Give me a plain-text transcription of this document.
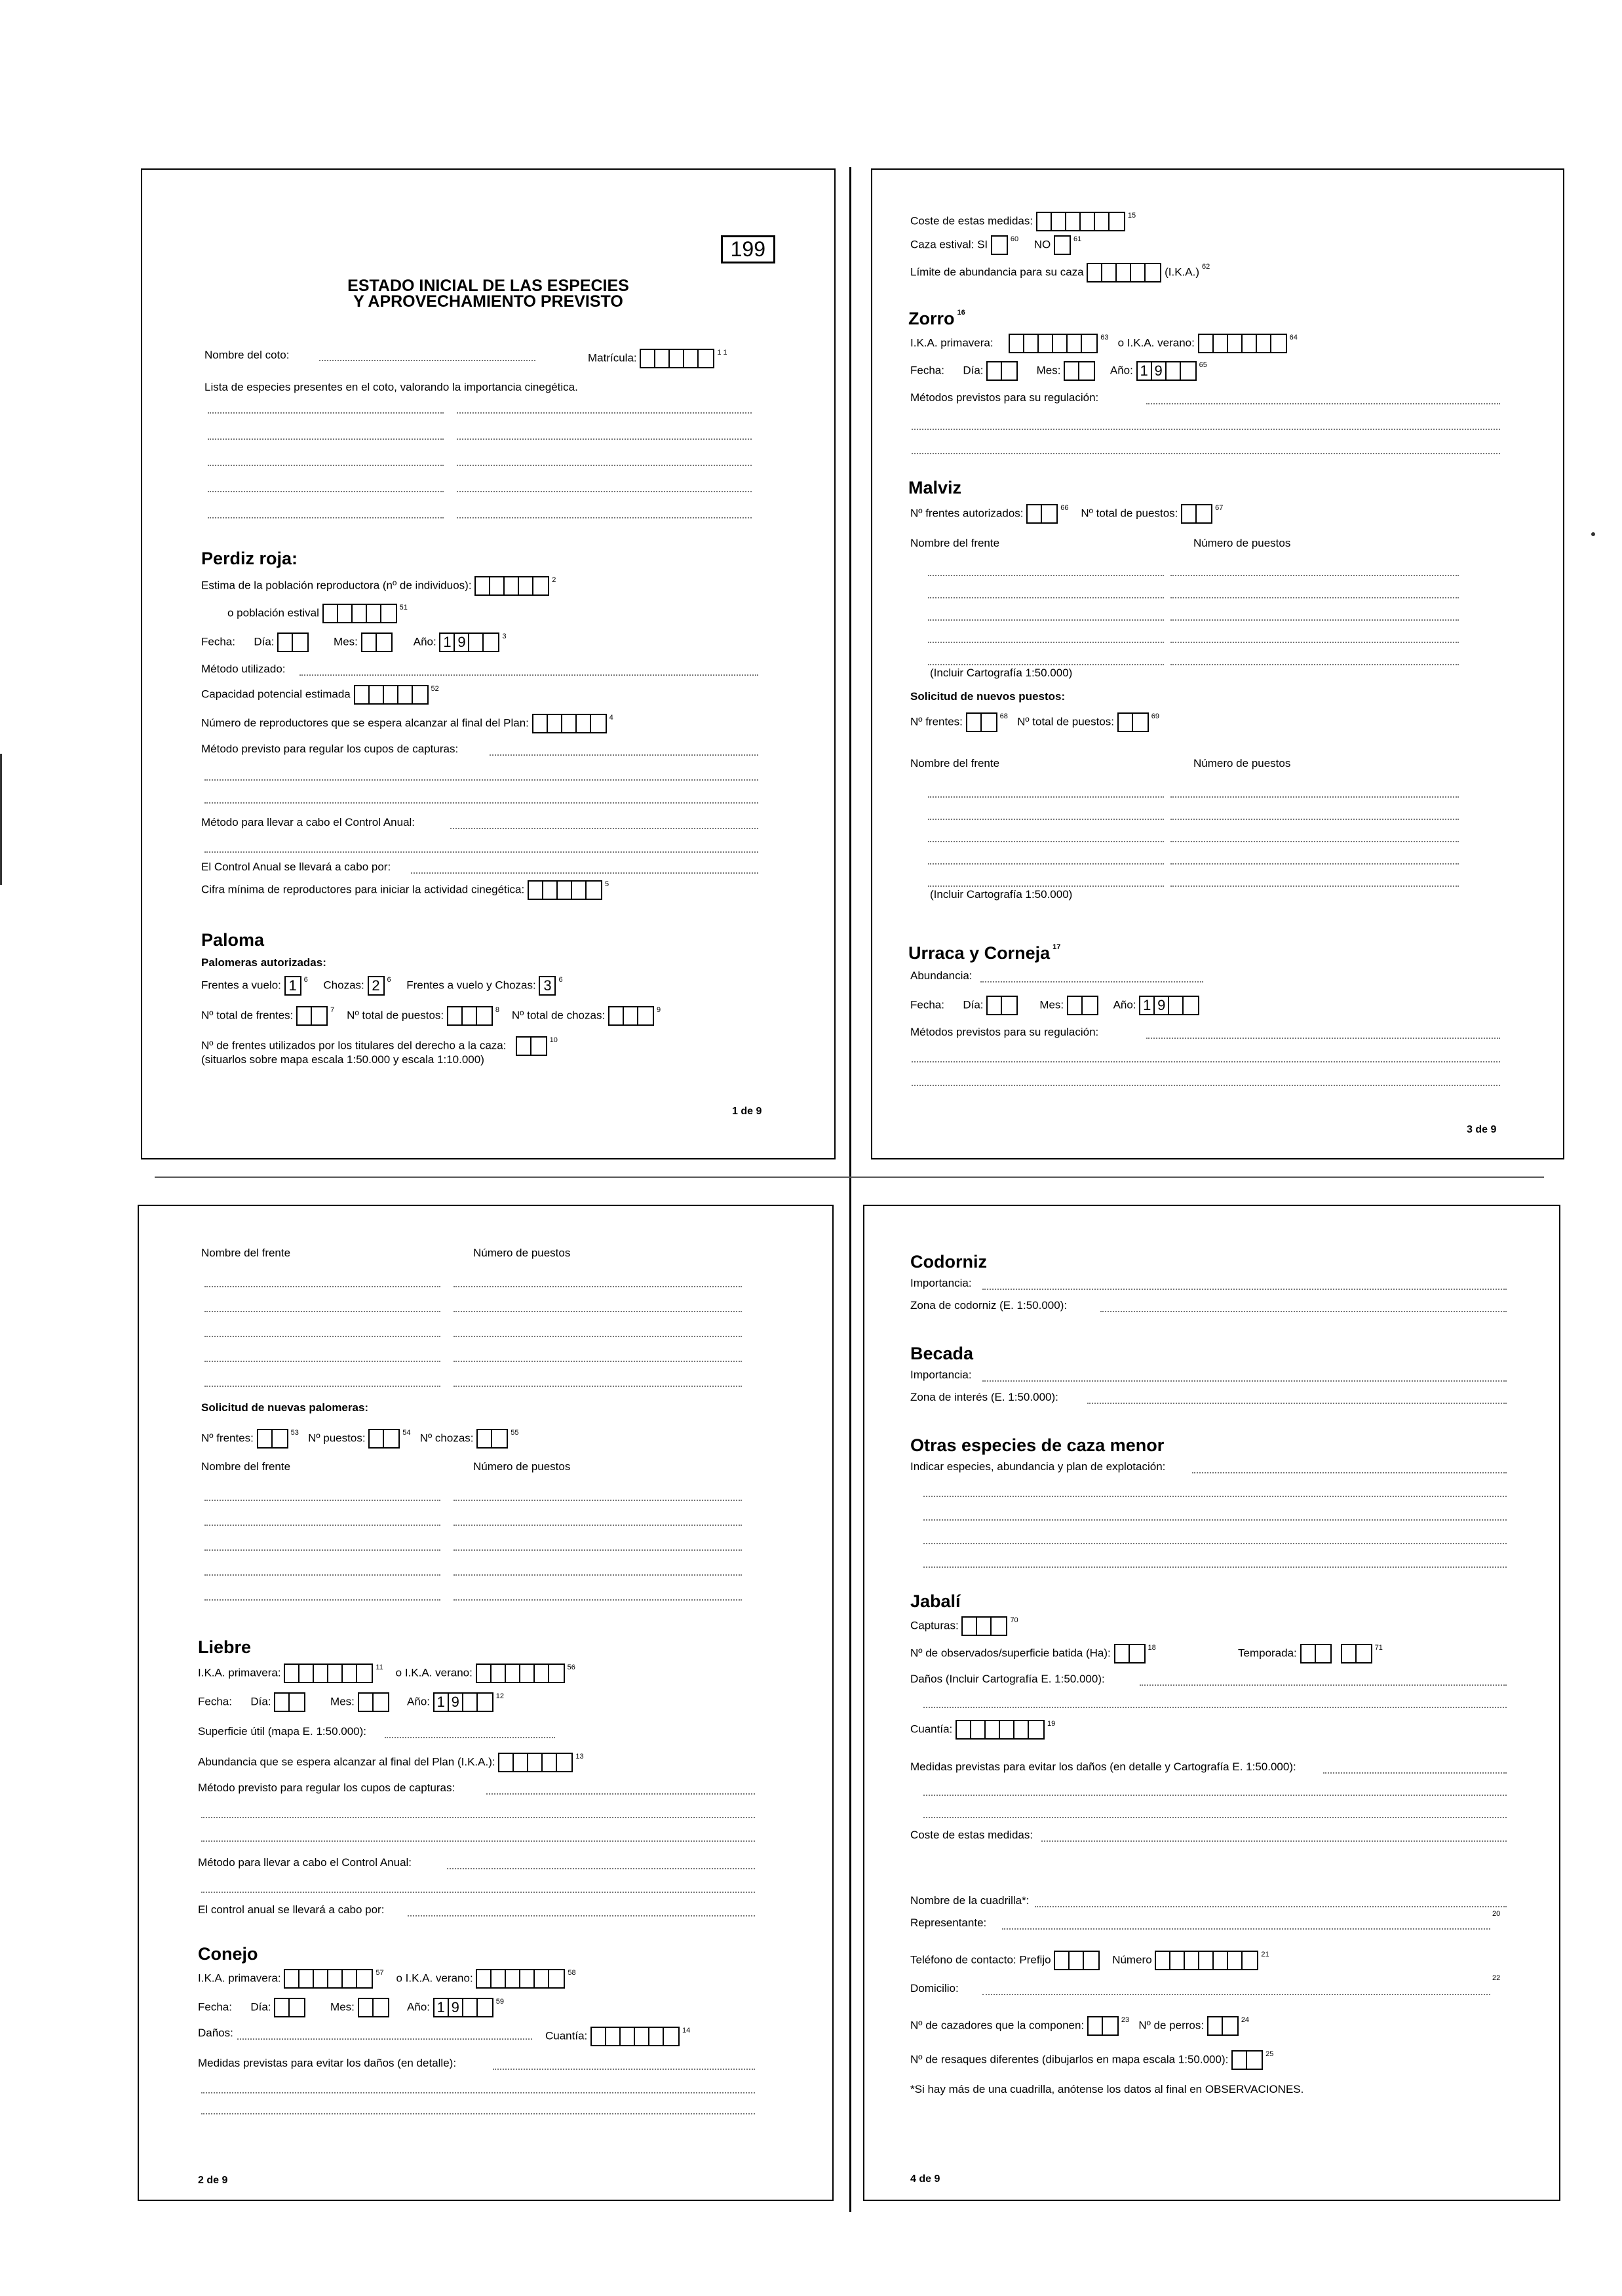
199
ESTADO INICIAL DE LAS ESPECIES
Y APROVECHAMIENTO PREVISTO
Nombre del coto:	Matrícula:	$^{1 1}$
Lista de especies presentes en el coto, valorando la importancia cinegética.
Perdiz roja:
Estima de la población reproductora (nº de individuos):	$^2$
o población estival	$^{51}$
Fecha: Día:	Mes:	Año: 1 9	$^3$
Método utilizado:
Capacidad potencial estimada	$^{52}$
Número de reproductores que se espera alcanzar al final del Plan:	$^4$
Método previsto para regular los cupos de capturas:
Método para llevar a cabo el Control Anual:
El Control Anual se llevará a cabo por:
Cifra mínima de reproductores para iniciar la actividad cinegética:	$^5$
Paloma
Palomeras autorizadas:
Frentes a vuelo: 1 $^6$ Chozas: 2 $^6$ Frentes a vuelo y Chozas: 3 $^6$
Nº total de frentes:	$^7$ Nº total de puestos:	$^8$ Nº total de chozas:	$^9$
Nº de frentes utilizados por los titulares del derecho a la caza:	$^{10}$
(situarlos sobre mapa escala 1:50.000 y escala 1:10.000)
1 de 9
Coste de estas medidas:	$^{15}$
Caza estival: SI	$^{60}$ NO	$^{61}$
Límite de abundancia para su caza	(I.K.A.) $^{62}$
Zorro $^{16}$
I.K.A. primavera:	$^{63}$ o I.K.A. verano:	$^{64}$
Fecha: Día:	Mes:	Año: 1 9	$^{65}$
Métodos previstos para su regulación:
Malviz
Nº frentes autorizados:	$^{66}$ Nº total de puestos:	$^{67}$
Nombre del frente	Número de puestos
(Incluir Cartografía 1:50.000)
Solicitud de nuevos puestos:
Nº frentes:	$^{68}$ Nº total de puestos:	$^{69}$
Nombre del frente	Número de puestos
(Incluir Cartografía 1:50.000)
Urraca y Corneja $^{17}$
Abundancia:
Fecha: Día:	Mes:	Año: 1 9
Métodos previstos para su regulación:
3 de 9
Nombre del frente	Número de puestos
Solicitud de nuevas palomeras:
Nº frentes:	$^{53}$ Nº puestos:	$^{54}$ Nº chozas:	$^{55}$
Nombre del frente	Número de puestos
Liebre
I.K.A. primavera:	$^{11}$ o I.K.A. verano:	$^{56}$
Fecha: Día:	Mes:	Año: 1 9	$^{12}$
Superficie útil (mapa E. 1:50.000):
Abundancia que se espera alcanzar al final del Plan (I.K.A.):	$^{13}$
Método previsto para regular los cupos de capturas:
Método para llevar a cabo el Control Anual:
El control anual se llevará a cabo por:
Conejo
I.K.A. primavera:	$^{57}$ o I.K.A. verano:	$^{58}$
Fecha: Día:	Mes:	Año: 1 9	$^{59}$
Daños:	Cuantía:	$^{14}$
Medidas previstas para evitar los daños (en detalle):
2 de 9
Codorniz
Importancia:
Zona de codorniz (E. 1:50.000):
Becada
Importancia:
Zona de interés (E. 1:50.000):
Otras especies de caza menor
Indicar especies, abundancia y plan de explotación:
Jabalí
Capturas:	$^{70}$
Nº de observados/superficie batida (Ha):	$^{18}$	Temporada:	$^{71}$
Daños (Incluir Cartografía E. 1:50.000):
Cuantía:	$^{19}$
Medidas previstas para evitar los daños (en detalle y Cartografía E. 1:50.000):
Coste de estas medidas:
Nombre de la cuadrilla*:
Representante:
20
Teléfono de contacto: Prefijo	Número	$^{21}$
Domicilio:
22
Nº de cazadores que la componen:	$^{23}$ Nº de perros:	$^{24}$
Nº de resaques diferentes (dibujarlos en mapa escala 1:50.000):	$^{25}$
*Si hay más de una cuadrilla, anótense los datos al final en OBSERVACIONES.
4 de 9
